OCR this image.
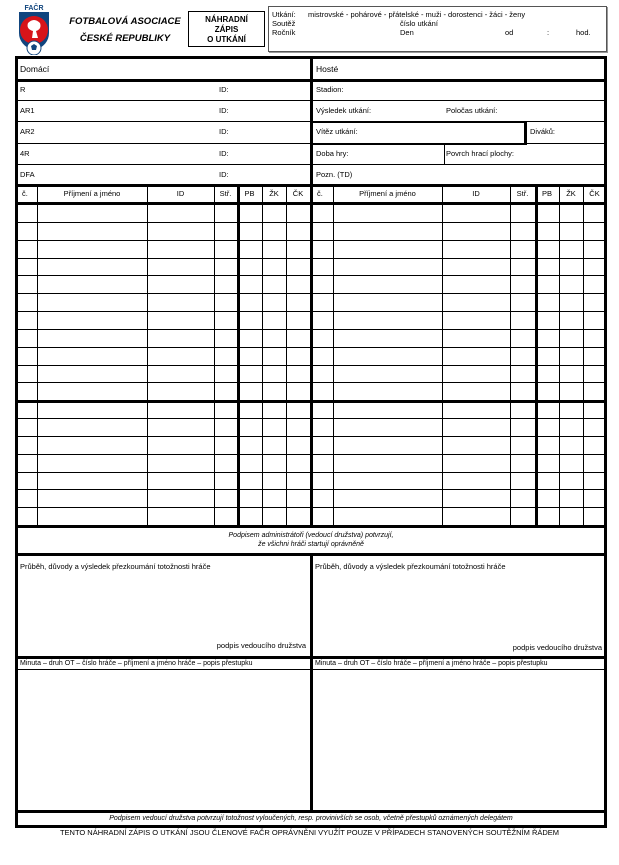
FAČR
FOTBALOVÁ ASOCIACE
ČESKÉ REPUBLIKY
NÁHRADNÍ
ZÁPIS
O UTKÁNÍ
Utkání: mistrovské - pohárové - přátelské - muži - dorostenci - žáci - ženy
Soutěž	číslo utkání
Ročník	Den	od	:	hod.
Domácí	Hosté
R	ID:
AR1	ID:
AR2	ID:
4R	ID:
DFA	ID:
Stadion:
Výsledek utkání:	Poločas utkání:
Vítěz utkání:	Diváků:
Doba hry:	Povrch hrací plochy:
Pozn. (TD)
č.	Příjmení a jméno	ID	Stř.	PB	ŽK	ČK	č.	Příjmení a jméno	ID	Stř.	PB	ŽK	ČK
Podpisem administrátoři (vedoucí družstva) potvrzují,
že všichni hráči startují oprávněně
Průběh, důvody a výsledek přezkoumání totožnosti hráče	Průběh, důvody a výsledek přezkoumání totožnosti hráče
podpis vedoucího družstva	podpis vedoucího družstva
Minuta – druh OT – číslo hráče – příjmení a jméno hráče – popis přestupku	Minuta – druh OT – číslo hráče – příjmení a jméno hráče – popis přestupku
Podpisem vedoucí družstva potvrzují totožnost vyloučených, resp. provinivších se osob, včetně přestupků oznámených delegátem
TENTO NÁHRADNÍ ZÁPIS O UTKÁNÍ JSOU ČLENOVÉ FAČR OPRÁVNĚNI VYUŽÍT POUZE V PŘÍPADECH STANOVENÝCH SOUTĚŽNÍM ŘÁDEM
